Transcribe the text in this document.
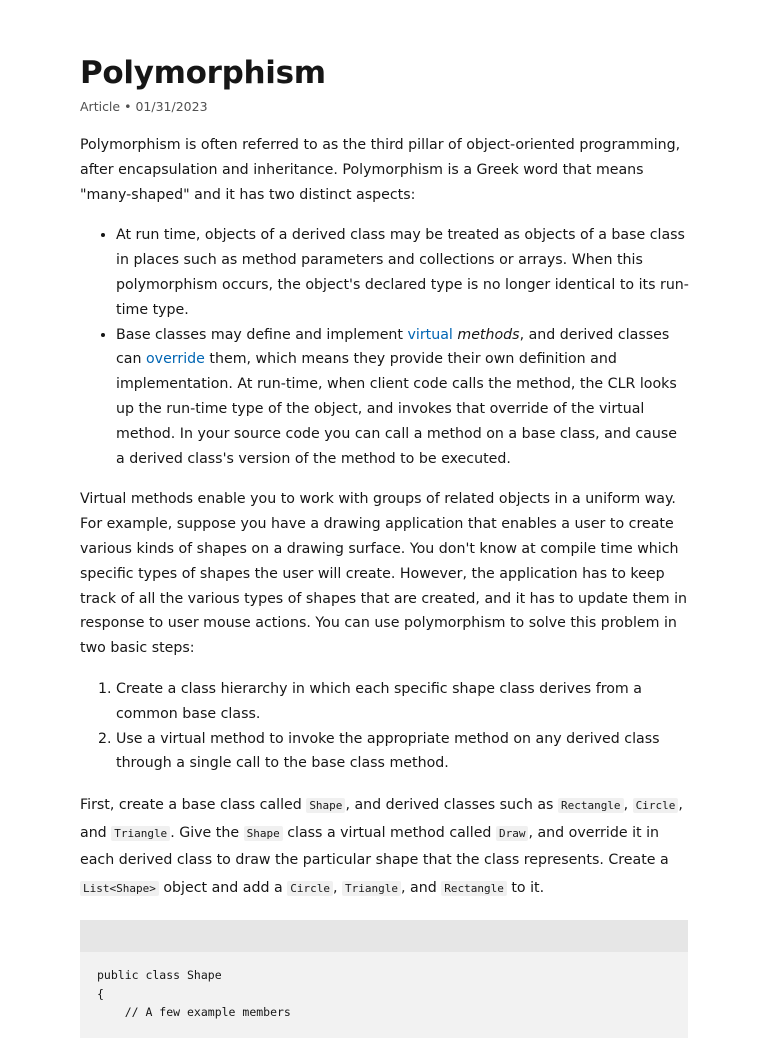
Polymorphism
Article • 01/31/2023

Polymorphism is often referred to as the third pillar of object-oriented programming, after encapsulation and inheritance. Polymorphism is a Greek word that means "many-shaped" and it has two distinct aspects:

• At run time, objects of a derived class may be treated as objects of a base class in places such as method parameters and collections or arrays. When this polymorphism occurs, the object's declared type is no longer identical to its run-time type.
• Base classes may define and implement virtual methods, and derived classes can override them, which means they provide their own definition and implementation. At run-time, when client code calls the method, the CLR looks up the run-time type of the object, and invokes that override of the virtual method. In your source code you can call a method on a base class, and cause a derived class's version of the method to be executed.

Virtual methods enable you to work with groups of related objects in a uniform way. For example, suppose you have a drawing application that enables a user to create various kinds of shapes on a drawing surface. You don't know at compile time which specific types of shapes the user will create. However, the application has to keep track of all the various types of shapes that are created, and it has to update them in response to user mouse actions. You can use polymorphism to solve this problem in two basic steps:

1. Create a class hierarchy in which each specific shape class derives from a common base class.
2. Use a virtual method to invoke the appropriate method on any derived class through a single call to the base class method.

First, create a base class called Shape , and derived classes such as Rectangle , Circle , and Triangle . Give the Shape class a virtual method called Draw , and override it in each derived class to draw the particular shape that the class represents. Create a List<Shape> object and add a Circle , Triangle , and Rectangle to it.

public class Shape
{
// A few example members
